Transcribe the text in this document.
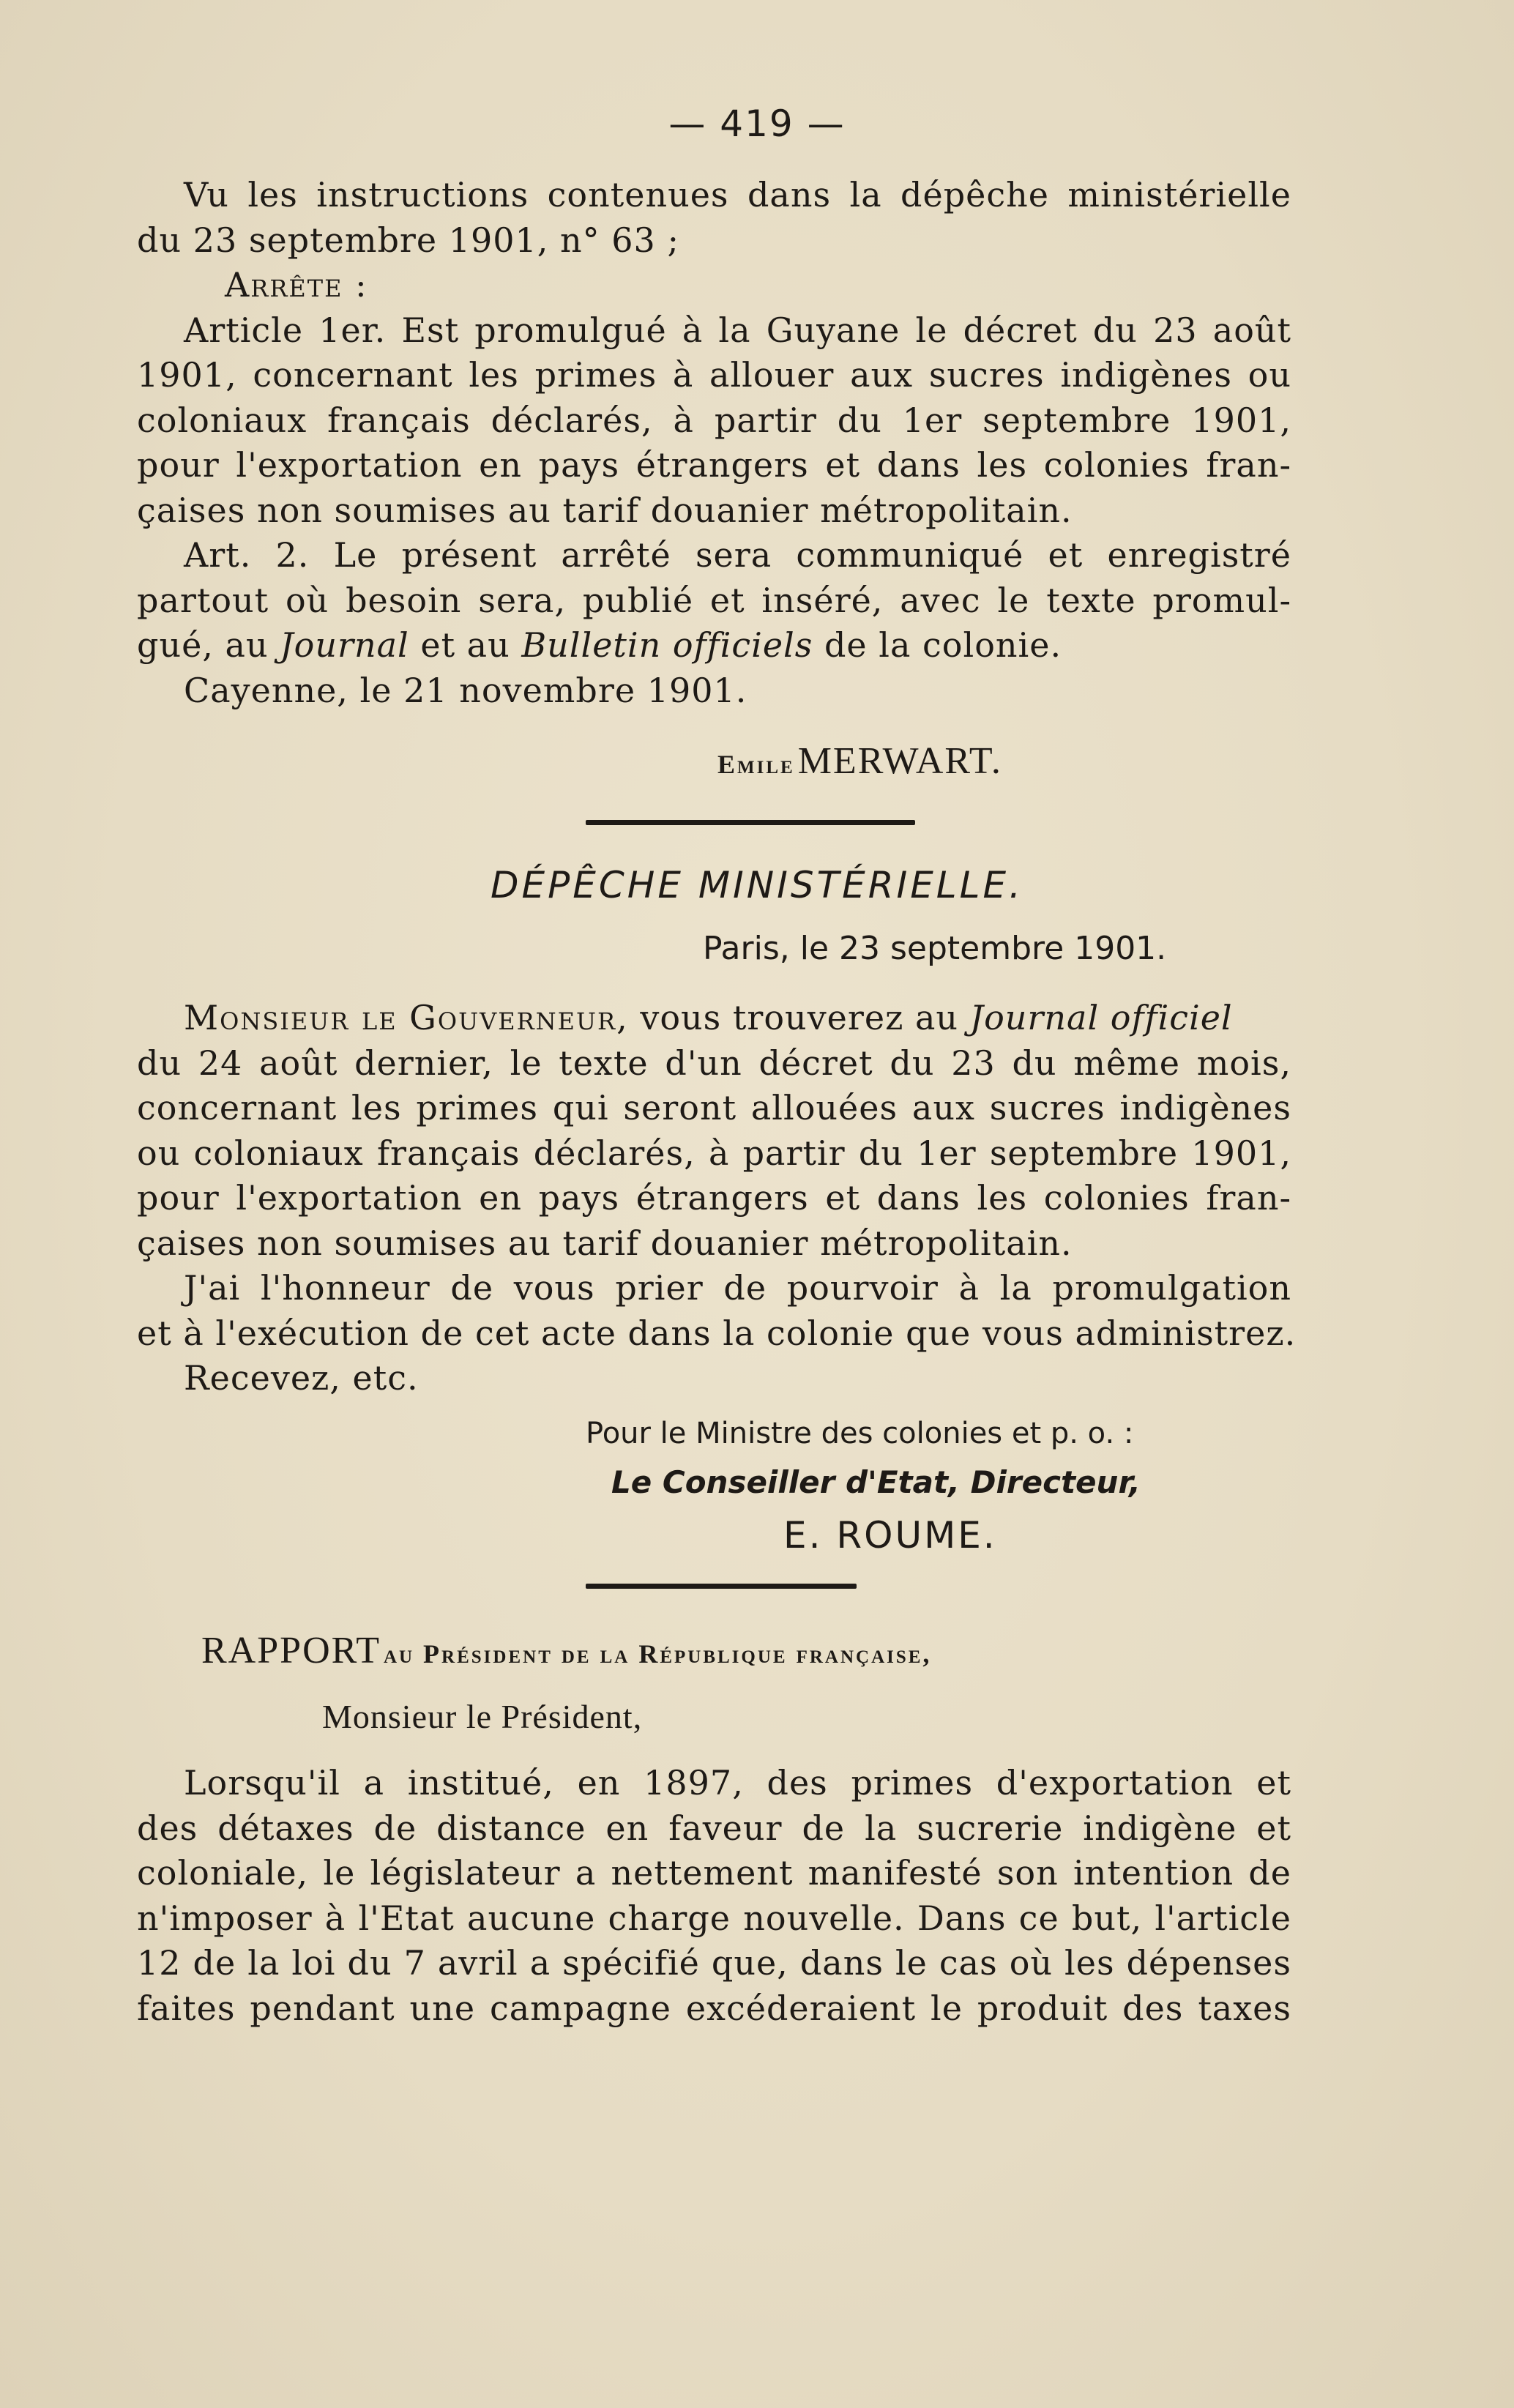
— 419 —
Vu les instructions contenues dans la dépêche ministérielle
du 23 septembre 1901, n° 63 ;
Arrête :
Article 1er. Est promulgué à la Guyane le décret du 23 août
1901, concernant les primes à allouer aux sucres indigènes ou
coloniaux français déclarés, à partir du 1er septembre 1901,
pour l'exportation en pays étrangers et dans les colonies fran-
çaises non soumises au tarif douanier métropolitain.
Art. 2. Le présent arrêté sera communiqué et enregistré
partout où besoin sera, publié et inséré, avec le texte promul-
gué, au Journal et au Bulletin officiels de la colonie.
Cayenne, le 21 novembre 1901.
Emile MERWART.
DÉPÊCHE MINISTÉRIELLE.
Paris, le 23 septembre 1901.
Monsieur le Gouverneur, vous trouverez au Journal officiel
du 24 août dernier, le texte d'un décret du 23 du même mois,
concernant les primes qui seront allouées aux sucres indigènes
ou coloniaux français déclarés, à partir du 1er septembre 1901,
pour l'exportation en pays étrangers et dans les colonies fran-
çaises non soumises au tarif douanier métropolitain.
J'ai l'honneur de vous prier de pourvoir à la promulgation
et à l'exécution de cet acte dans la colonie que vous administrez.
Recevez, etc.
Pour le Ministre des colonies et p. o. :
Le Conseiller d'Etat, Directeur,
E. ROUME.
RAPPORT au Président de la République française,
Monsieur le Président,
Lorsqu'il a institué, en 1897, des primes d'exportation et
des détaxes de distance en faveur de la sucrerie indigène et
coloniale, le législateur a nettement manifesté son intention de
n'imposer à l'Etat aucune charge nouvelle. Dans ce but, l'article
12 de la loi du 7 avril a spécifié que, dans le cas où les dépenses
faites pendant une campagne excéderaient le produit des taxes
